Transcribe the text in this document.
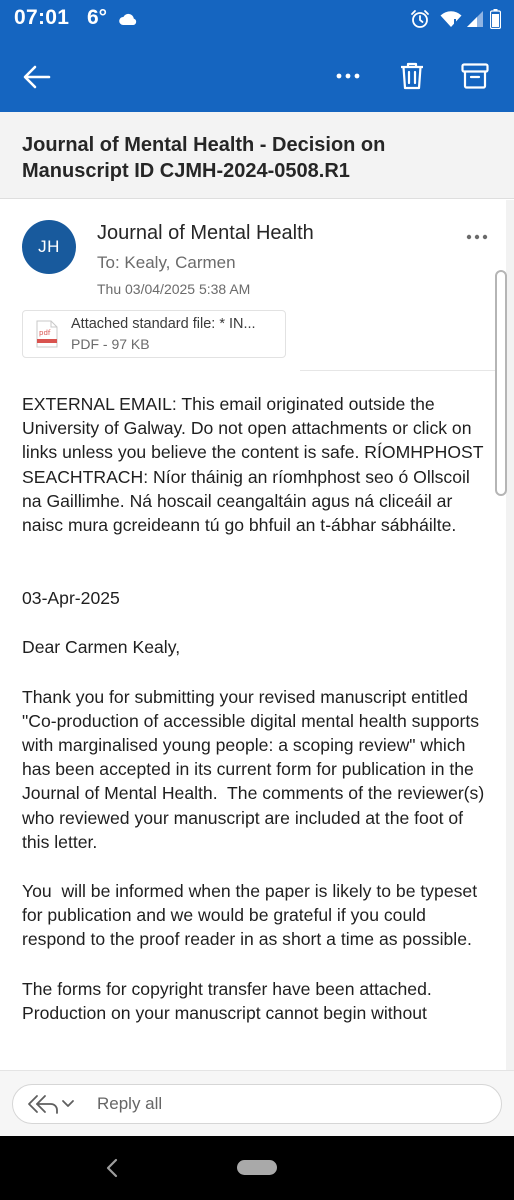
07:01 6°
Journal of Mental Health - Decision on Manuscript ID CJMH-2024-0508.R1
JH
Journal of Mental Health
To: Kealy, Carmen
Thu 03/04/2025 5:38 AM
pdf
Attached standard file: * IN...
PDF - 97 KB

EXTERNAL EMAIL: This email originated outside the University of Galway. Do not open attachments or click on links unless you believe the content is safe. RÍOMHPHOST SEACHTRACH: Níor tháinig an ríomhphost seo ó Ollscoil na Gaillimhe. Ná hoscail ceangaltáin agus ná cliceáil ar naisc mura gcreideann tú go bhfuil an t-ábhar sábháilte.

03-Apr-2025

Dear Carmen Kealy,

Thank you for submitting your revised manuscript entitled "Co-production of accessible digital mental health supports with marginalised young people: a scoping review" which has been accepted in its current form for publication in the Journal of Mental Health.  The comments of the reviewer(s) who reviewed your manuscript are included at the foot of this letter.

You  will be informed when the paper is likely to be typeset for publication and we would be grateful if you could respond to the proof reader in as short a time as possible.

The forms for copyright transfer have been attached. Production on your manuscript cannot begin without

Reply all
